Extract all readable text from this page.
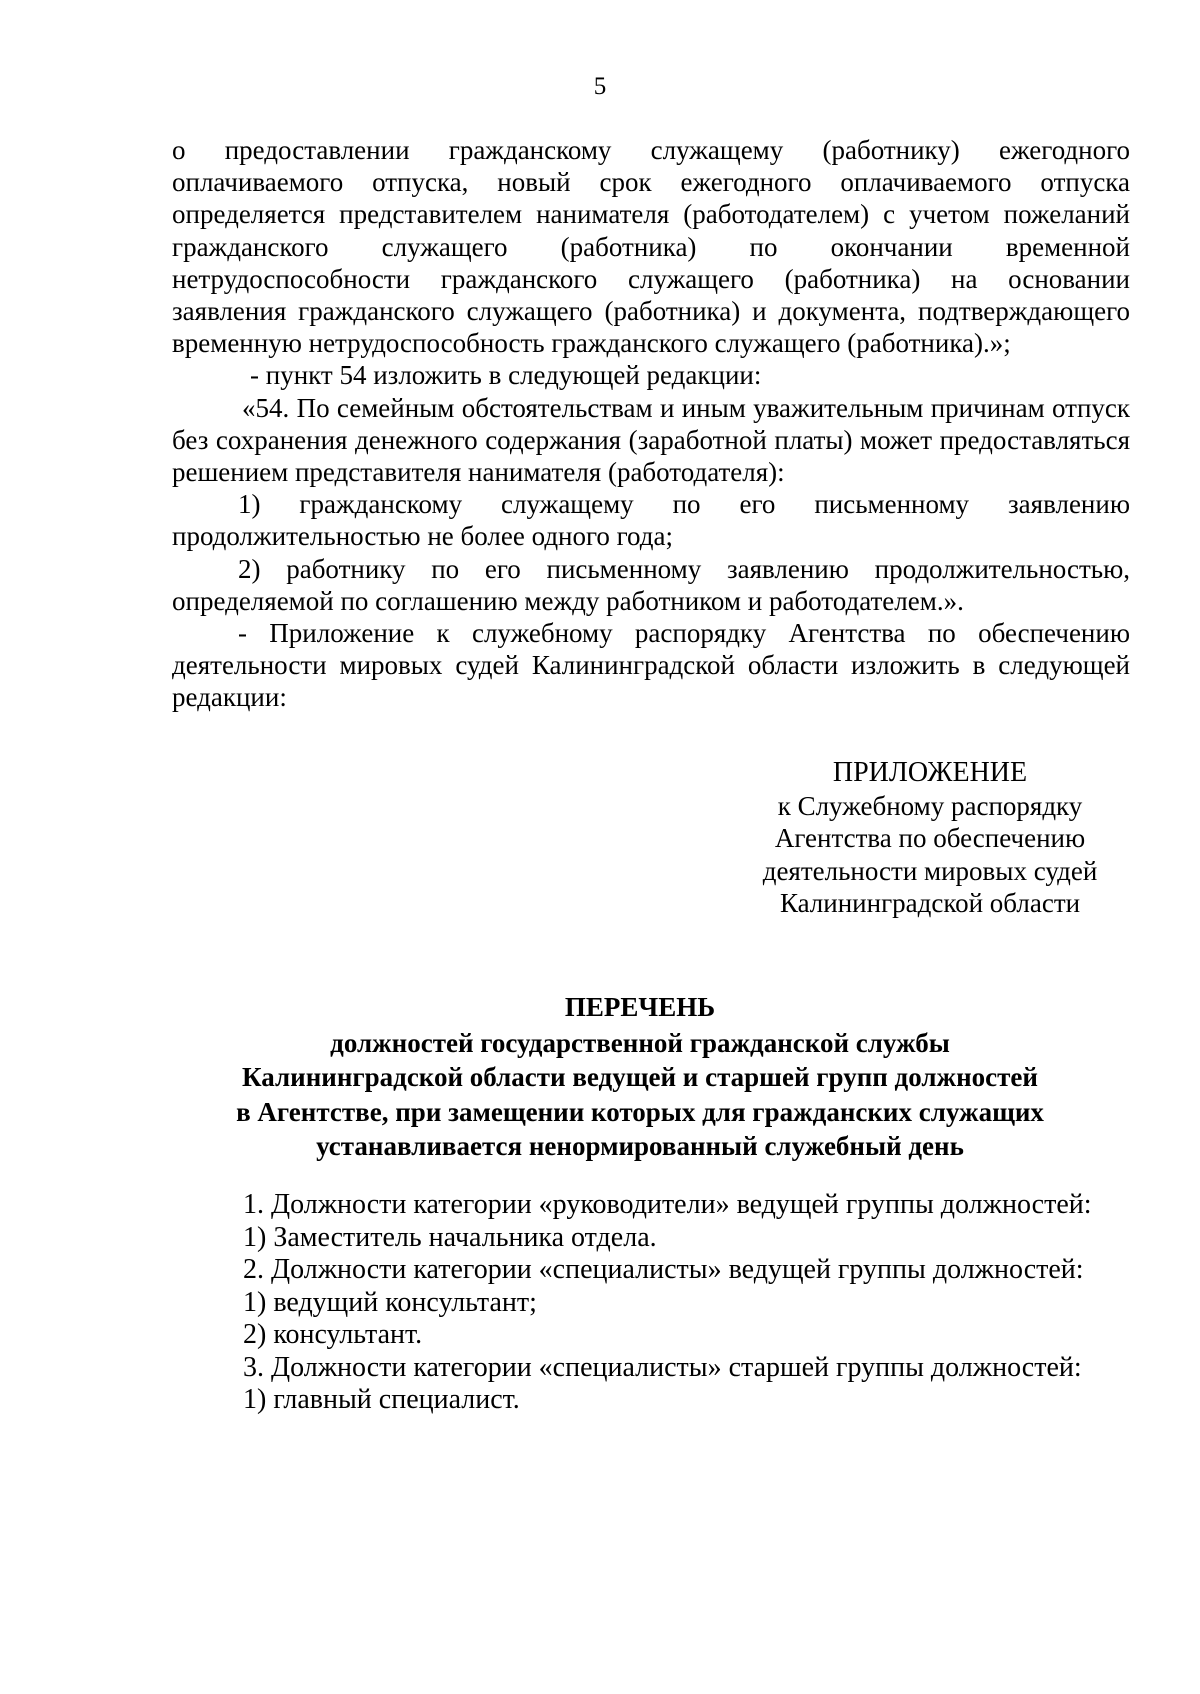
5

о предоставлении гражданскому служащему (работнику) ежегодного оплачиваемого отпуска, новый срок ежегодного оплачиваемого отпуска определяется представителем нанимателя (работодателем) с учетом пожеланий гражданского служащего (работника) по окончании временной нетрудоспособности гражданского служащего (работника) на основании заявления гражданского служащего (работника) и документа, подтверждающего временную нетрудоспособность гражданского служащего (работника).»;

- пункт 54 изложить в следующей редакции:

«54. По семейным обстоятельствам и иным уважительным причинам отпуск без сохранения денежного содержания (заработной платы) может предоставляться решением представителя нанимателя (работодателя):

1) гражданскому служащему по его письменному заявлению продолжительностью не более одного года;

2) работнику по его письменному заявлению продолжительностью, определяемой по соглашению между работником и работодателем.».

- Приложение к служебному распорядку Агентства по обеспечению деятельности мировых судей Калининградской области изложить в следующей редакции:

ПРИЛОЖЕНИЕ
к Служебному распорядку
Агентства по обеспечению
деятельности мировых судей
Калининградской области
ПЕРЕЧЕНЬ
должностей государственной гражданской службы
Калининградской области ведущей и старшей групп должностей
в Агентстве, при замещении которых для гражданских служащих
устанавливается ненормированный служебный день
1. Должности категории «руководители» ведущей группы должностей:
1) Заместитель начальника отдела.
2. Должности категории «специалисты» ведущей группы должностей:
1) ведущий консультант;
2) консультант.
3. Должности категории «специалисты» старшей группы должностей:
1) главный специалист.
